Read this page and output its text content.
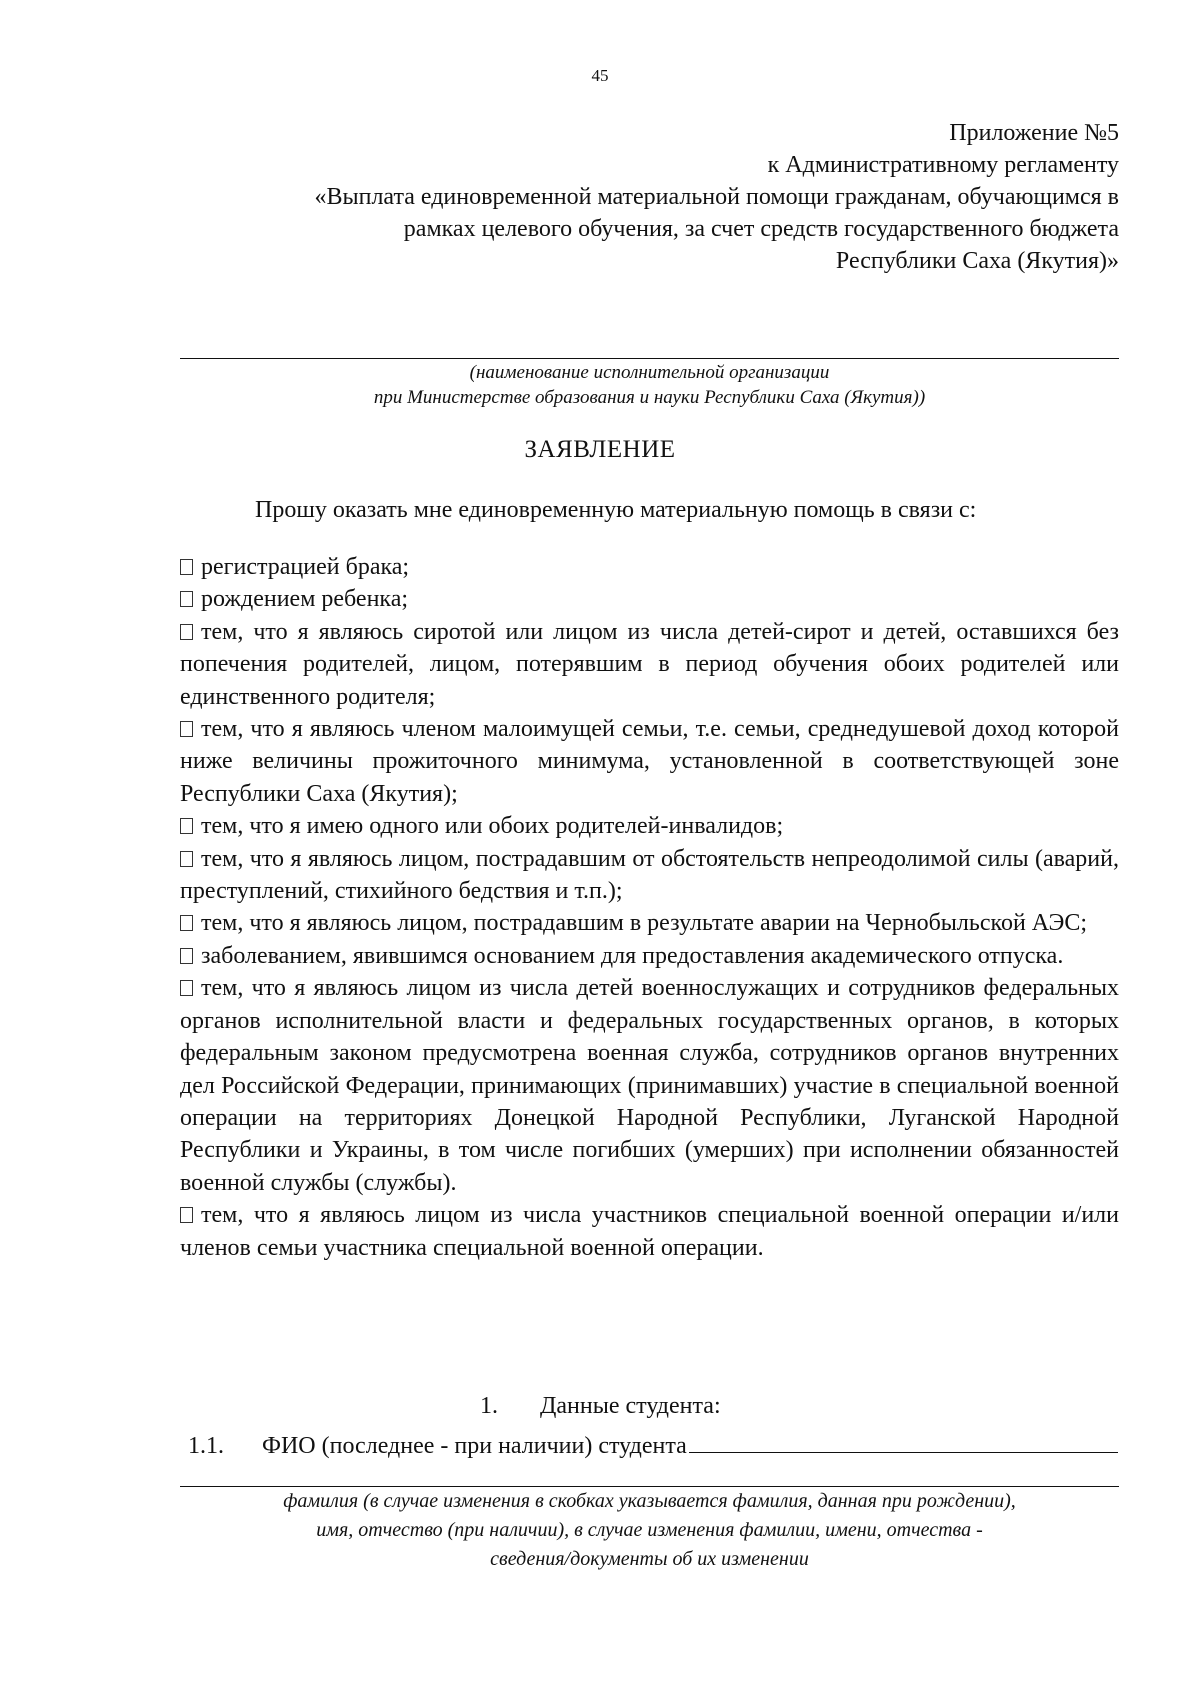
45
Приложение №5
к Административному регламенту
«Выплата единовременной материальной помощи гражданам, обучающимся в
рамках целевого обучения, за счет средств государственного бюджета
Республики Саха (Якутия)»
(наименование исполнительной организации
при Министерстве образования и науки Республики Саха (Якутия))
ЗАЯВЛЕНИЕ
Прошу оказать мне единовременную материальную помощь в связи с:
регистрацией брака;
рождением ребенка;
тем, что я являюсь сиротой или лицом из числа детей-сирот и детей, оставшихся без попечения родителей, лицом, потерявшим в период обучения обоих родителей или единственного родителя;
тем, что я являюсь членом малоимущей семьи, т.е. семьи, среднедушевой доход которой ниже величины прожиточного минимума, установленной в соответствующей зоне Республики Саха (Якутия);
тем, что я имею одного или обоих родителей-инвалидов;
тем, что я являюсь лицом, пострадавшим от обстоятельств непреодолимой силы (аварий, преступлений, стихийного бедствия и т.п.);
тем, что я являюсь лицом, пострадавшим в результате аварии на Чернобыльской АЭС;
заболеванием, явившимся основанием для предоставления академического отпуска.
тем, что я являюсь лицом из числа детей военнослужащих и сотрудников федеральных органов исполнительной власти и федеральных государственных органов, в которых федеральным законом предусмотрена военная служба, сотрудников органов внутренних дел Российской Федерации, принимающих (принимавших) участие в специальной военной операции на территориях Донецкой Народной Республики, Луганской Народной Республики и Украины, в том числе погибших (умерших) при исполнении обязанностей военной службы (службы).
тем, что я являюсь лицом из числа участников специальной военной операции и/или членов семьи участника специальной военной операции.
1. Данные студента:
1.1.	ФИО (последнее - при наличии) студента
фамилия (в случае изменения в скобках указывается фамилия, данная при рождении),
имя, отчество (при наличии), в случае изменения фамилии, имени, отчества -
сведения/документы об их изменении
